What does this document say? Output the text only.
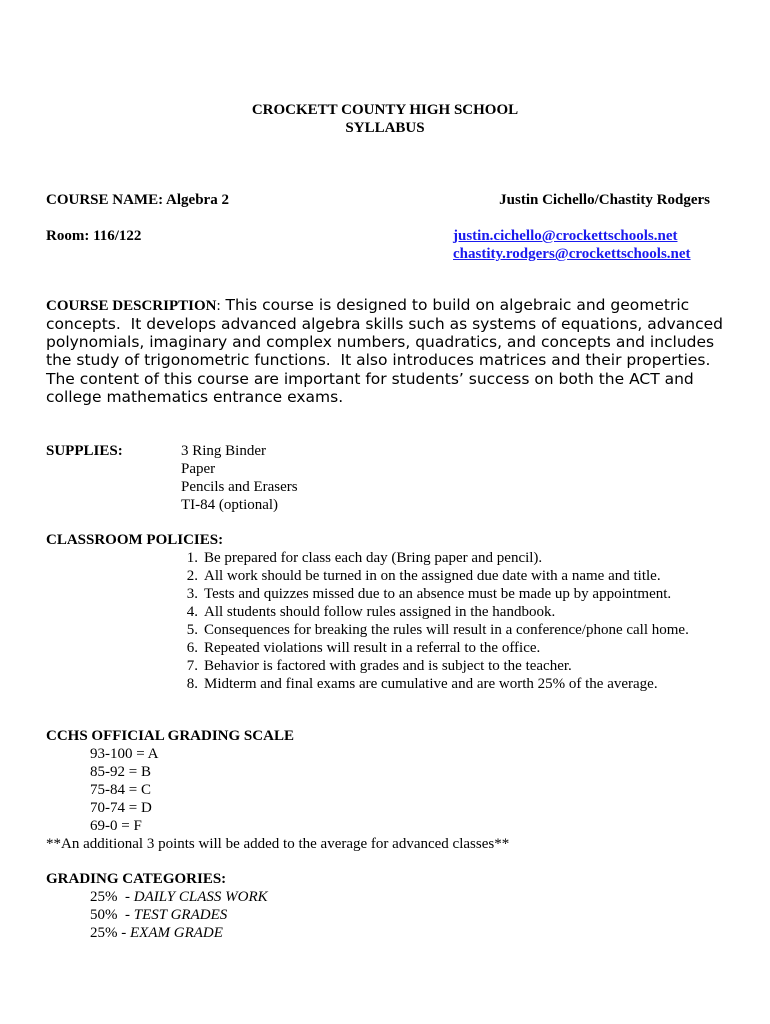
CROCKETT COUNTY HIGH SCHOOL
SYLLABUS
COURSE NAME: Algebra 2	Justin Cichello/Chastity Rodgers
Room: 116/122	justin.cichello@crockettschools.net
chastity.rodgers@crockettschools.net
COURSE DESCRIPTION: This course is designed to build on algebraic and geometric
concepts.  It develops advanced algebra skills such as systems of equations, advanced
polynomials, imaginary and complex numbers, quadratics, and concepts and includes
the study of trigonometric functions.  It also introduces matrices and their properties.
The content of this course are important for students’ success on both the ACT and
college mathematics entrance exams.
SUPPLIES:	3 Ring Binder
Paper
Pencils and Erasers
TI-84 (optional)
CLASSROOM POLICIES:
1. Be prepared for class each day (Bring paper and pencil).
2. All work should be turned in on the assigned due date with a name and title.
3. Tests and quizzes missed due to an absence must be made up by appointment.
4. All students should follow rules assigned in the handbook.
5. Consequences for breaking the rules will result in a conference/phone call home.
6. Repeated violations will result in a referral to the office.
7. Behavior is factored with grades and is subject to the teacher.
8. Midterm and final exams are cumulative and are worth 25% of the average.
CCHS OFFICIAL GRADING SCALE
93-100 = A
85-92 = B
75-84 = C
70-74 = D
69-0 = F
**An additional 3 points will be added to the average for advanced classes**
GRADING CATEGORIES:
25%  - DAILY CLASS WORK
50%  - TEST GRADES
25% - EXAM GRADE
